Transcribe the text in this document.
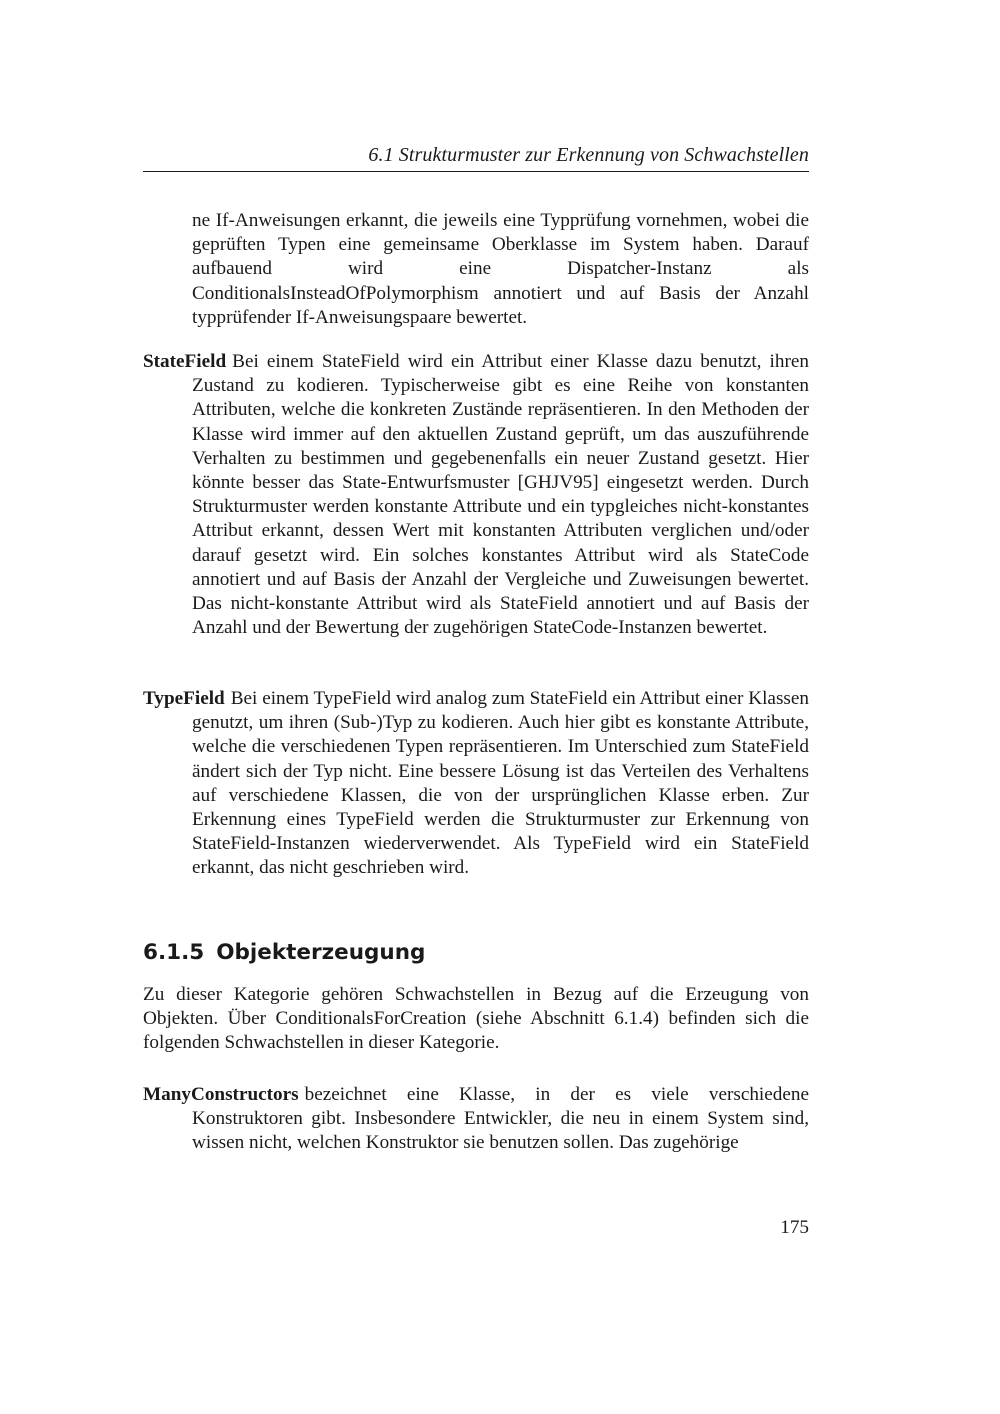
6.1 Strukturmuster zur Erkennung von Schwachstellen

ne If-Anweisungen erkannt, die jeweils eine Typprüfung vornehmen, wobei die geprüften Typen eine gemeinsame Oberklasse im System haben. Darauf aufbauend wird eine Dispatcher-Instanz als ConditionalsInsteadOfPolymorphism annotiert und auf Basis der Anzahl typprüfender If-Anweisungspaare bewertet.

StateField Bei einem StateField wird ein Attribut einer Klasse dazu benutzt, ihren Zustand zu kodieren. Typischerweise gibt es eine Reihe von konstanten Attributen, welche die konkreten Zustände repräsentieren. In den Methoden der Klasse wird immer auf den aktuellen Zustand geprüft, um das auszuführende Verhalten zu bestimmen und gegebenenfalls ein neuer Zustand gesetzt. Hier könnte besser das State-Entwurfsmuster [GHJV95] eingesetzt werden. Durch Strukturmuster werden konstante Attribute und ein typgleiches nicht-konstantes Attribut erkannt, dessen Wert mit konstanten Attributen verglichen und/oder darauf gesetzt wird. Ein solches konstantes Attribut wird als StateCode annotiert und auf Basis der Anzahl der Vergleiche und Zuweisungen bewertet. Das nicht-konstante Attribut wird als StateField annotiert und auf Basis der Anzahl und der Bewertung der zugehörigen StateCode-Instanzen bewertet.

TypeField Bei einem TypeField wird analog zum StateField ein Attribut einer Klassen genutzt, um ihren (Sub-)Typ zu kodieren. Auch hier gibt es konstante Attribute, welche die verschiedenen Typen repräsentieren. Im Unterschied zum StateField ändert sich der Typ nicht. Eine bessere Lösung ist das Verteilen des Verhaltens auf verschiedene Klassen, die von der ursprünglichen Klasse erben. Zur Erkennung eines TypeField werden die Strukturmuster zur Erkennung von StateField-Instanzen wiederverwendet. Als TypeField wird ein StateField erkannt, das nicht geschrieben wird.

6.1.5 Objekterzeugung

Zu dieser Kategorie gehören Schwachstellen in Bezug auf die Erzeugung von Objekten. Über ConditionalsForCreation (siehe Abschnitt 6.1.4) befinden sich die folgenden Schwachstellen in dieser Kategorie.

ManyConstructors bezeichnet eine Klasse, in der es viele verschiedene Konstruktoren gibt. Insbesondere Entwickler, die neu in einem System sind, wissen nicht, welchen Konstruktor sie benutzen sollen. Das zugehörige

175
